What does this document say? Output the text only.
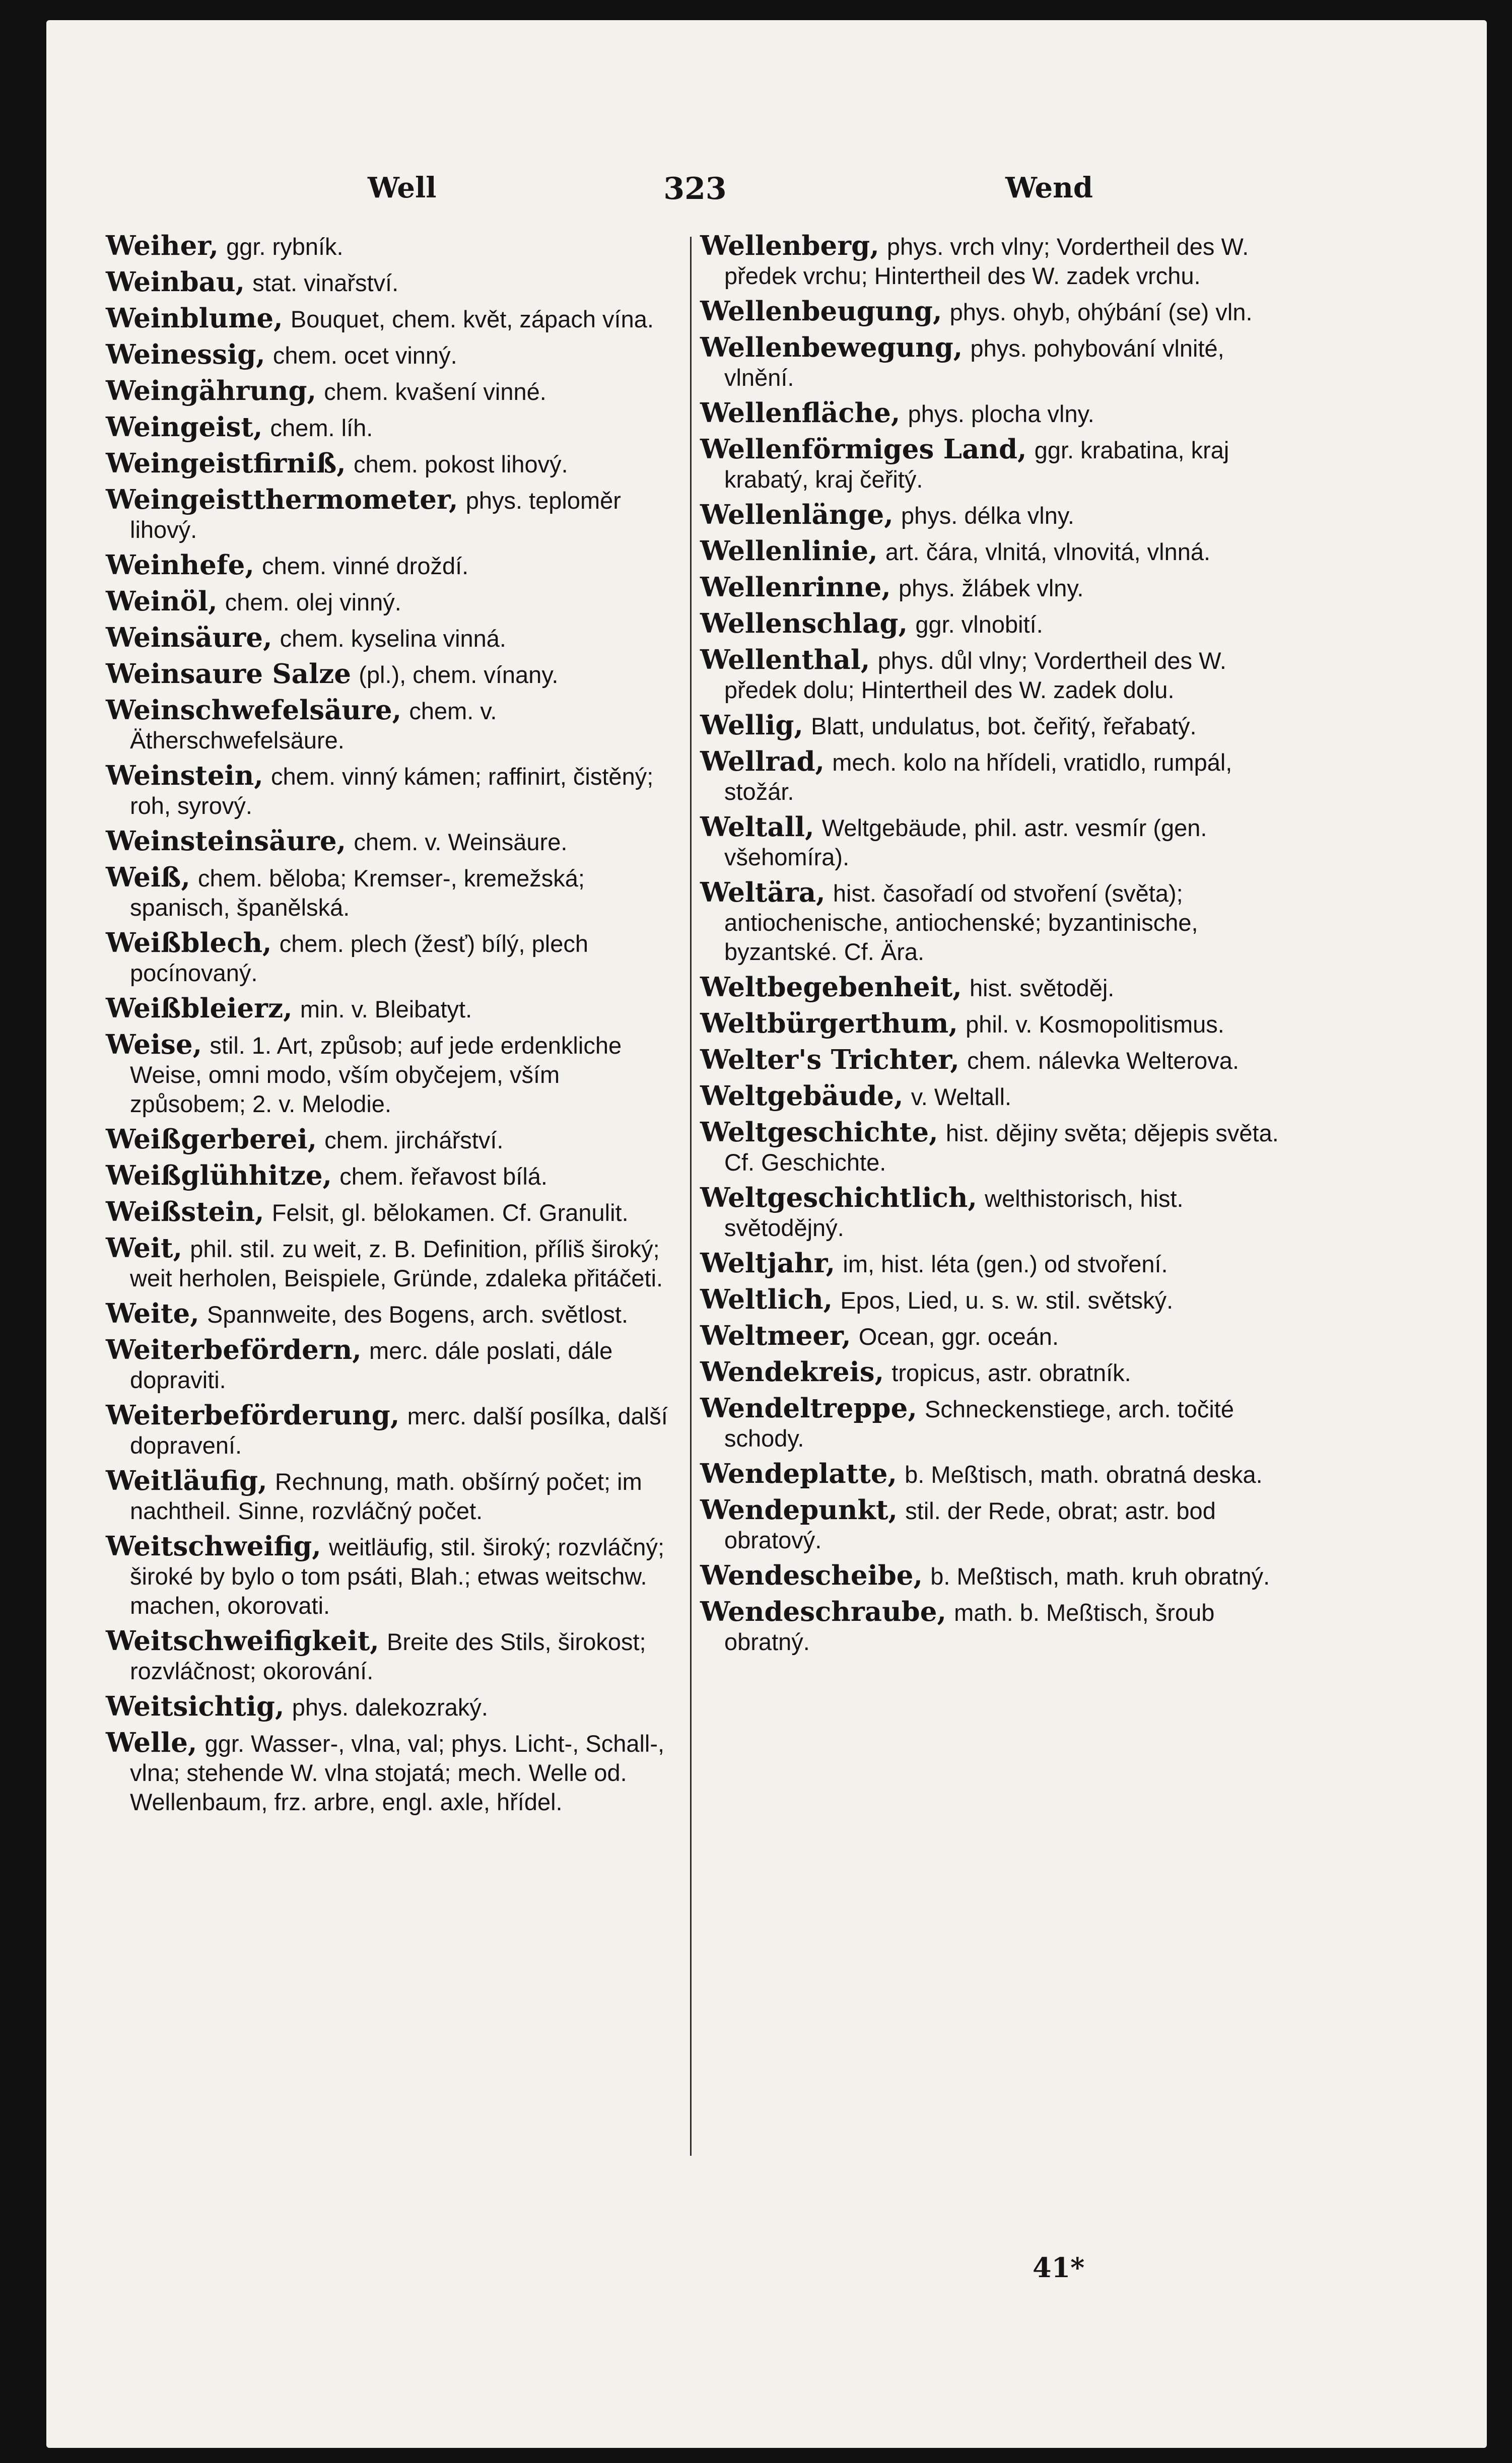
Well	323	Wend
Weiher, ggr. rybník.
Weinbau, stat. vinařství.
Weinblume, Bouquet, chem. květ, zápach vína.
Weinessig, chem. ocet vinný.
Weingährung, chem. kvašení vinné.
Weingeist, chem. líh.
Weingeistfirniß, chem. pokost lihový.
Weingeistthermometer, phys. teploměr lihový.
Weinhefe, chem. vinné droždí.
Weinöl, chem. olej vinný.
Weinsäure, chem. kyselina vinná.
Weinsaure Salze (pl.), chem. vínany.
Weinschwefelsäure, chem. v. Ätherschwefelsäure.
Weinstein, chem. vinný kámen; raffinirt, čistěný; roh, syrový.
Weinsteinsäure, chem. v. Weinsäure.
Weiß, chem. běloba; Kremser-, kremežská; spanisch, španělská.
Weißblech, chem. plech (žesť) bílý, plech pocínovaný.
Weißbleierz, min. v. Bleibatyt.
Weise, stil. 1. Art, způsob; auf jede erdenkliche Weise, omni modo, vším obyčejem, vším způsobem; 2. v. Melodie.
Weißgerberei, chem. jirchářství.
Weißglühhitze, chem. řeřavost bílá.
Weißstein, Felsit, gl. bělokamen. Cf. Granulit.
Weit, phil. stil. zu weit, z. B. Definition, příliš široký; weit herholen, Beispiele, Gründe, zdaleka přitáčeti.
Weite, Spannweite, des Bogens, arch. světlost.
Weiterbefördern, merc. dále poslati, dále dopraviti.
Weiterbeförderung, merc. další posílka, další dopravení.
Weitläufig, Rechnung, math. obšírný počet; im nachtheil. Sinne, rozvláčný počet.
Weitschweifig, weitläufig, stil. široký; rozvláčný; široké by bylo o tom psáti, Blah.; etwas weitschw. machen, okorovati.
Weitschweifigkeit, Breite des Stils, širokost; rozvláčnost; okorování.
Weitsichtig, phys. dalekozraký.
Welle, ggr. Wasser-, vlna, val; phys. Licht-, Schall-, vlna; stehende W. vlna stojatá; mech. Welle od. Wellenbaum, frz. arbre, engl. axle, hřídel.
Wellenberg, phys. vrch vlny; Vordertheil des W. předek vrchu; Hintertheil des W. zadek vrchu.
Wellenbeugung, phys. ohyb, ohýbání (se) vln.
Wellenbewegung, phys. pohybování vlnité, vlnění.
Wellenfläche, phys. plocha vlny.
Wellenförmiges Land, ggr. krabatina, kraj krabatý, kraj čeřitý.
Wellenlänge, phys. délka vlny.
Wellenlinie, art. čára, vlnitá, vlnovitá, vlnná.
Wellenrinne, phys. žlábek vlny.
Wellenschlag, ggr. vlnobití.
Wellenthal, phys. důl vlny; Vordertheil des W. předek dolu; Hintertheil des W. zadek dolu.
Wellig, Blatt, undulatus, bot. čeřitý, řeřabatý.
Wellrad, mech. kolo na hřídeli, vratidlo, rumpál, stožár.
Weltall, Weltgebäude, phil. astr. vesmír (gen. všehomíra).
Weltära, hist. časořadí od stvoření (světa); antiochenische, antiochenské; byzantinische, byzantské. Cf. Ära.
Weltbegebenheit, hist. světoděj.
Weltbürgerthum, phil. v. Kosmopolitismus.
Welter's Trichter, chem. nálevka Welterova.
Weltgebäude, v. Weltall.
Weltgeschichte, hist. dějiny světa; dějepis světa. Cf. Geschichte.
Weltgeschichtlich, welthistorisch, hist. světodějný.
Weltjahr, im, hist. léta (gen.) od stvoření.
Weltlich, Epos, Lied, u. s. w. stil. světský.
Weltmeer, Ocean, ggr. oceán.
Wendekreis, tropicus, astr. obratník.
Wendeltreppe, Schneckenstiege, arch. točité schody.
Wendeplatte, b. Meßtisch, math. obratná deska.
Wendepunkt, stil. der Rede, obrat; astr. bod obratový.
Wendescheibe, b. Meßtisch, math. kruh obratný.
Wendeschraube, math. b. Meßtisch, šroub obratný.
41*
